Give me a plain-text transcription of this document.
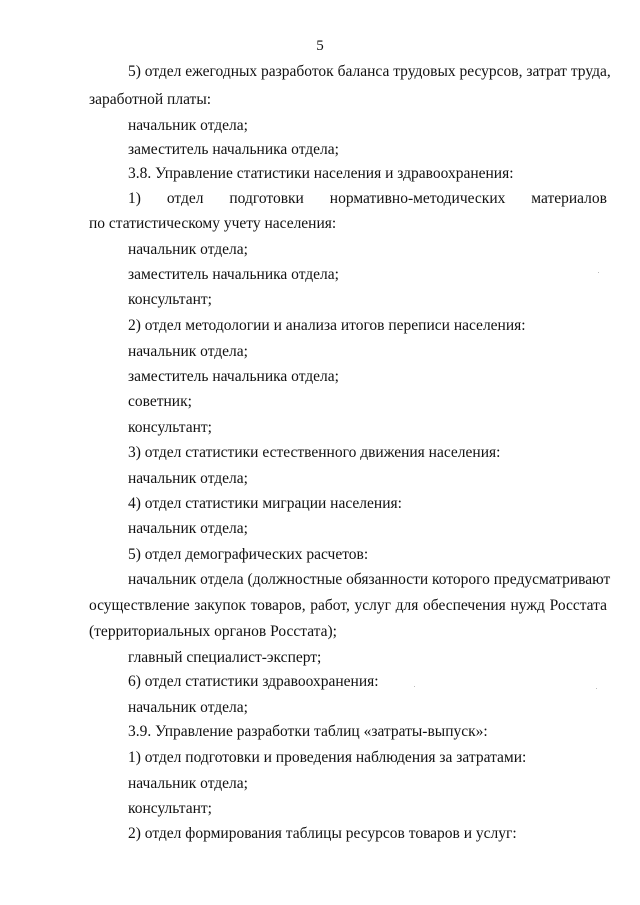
5
5) отдел ежегодных разработок баланса трудовых ресурсов, затрат труда,
заработной платы:
начальник отдела;
заместитель начальника отдела;
3.8. Управление статистики населения и здравоохранения:
1) отдел подготовки нормативно-методических материалов
по статистическому учету населения:
начальник отдела;
заместитель начальника отдела;
консультант;
2) отдел методологии и анализа итогов переписи населения:
начальник отдела;
заместитель начальника отдела;
советник;
консультант;
3) отдел статистики естественного движения населения:
начальник отдела;
4) отдел статистики миграции населения:
начальник отдела;
5) отдел демографических расчетов:
начальник отдела (должностные обязанности которого предусматривают
осуществление закупок товаров, работ, услуг для обеспечения нужд Росстата
(территориальных органов Росстата);
главный специалист-эксперт;
6) отдел статистики здравоохранения:
начальник отдела;
3.9. Управление разработки таблиц «затраты-выпуск»:
1) отдел подготовки и проведения наблюдения за затратами:
начальник отдела;
консультант;
2) отдел формирования таблицы ресурсов товаров и услуг:
